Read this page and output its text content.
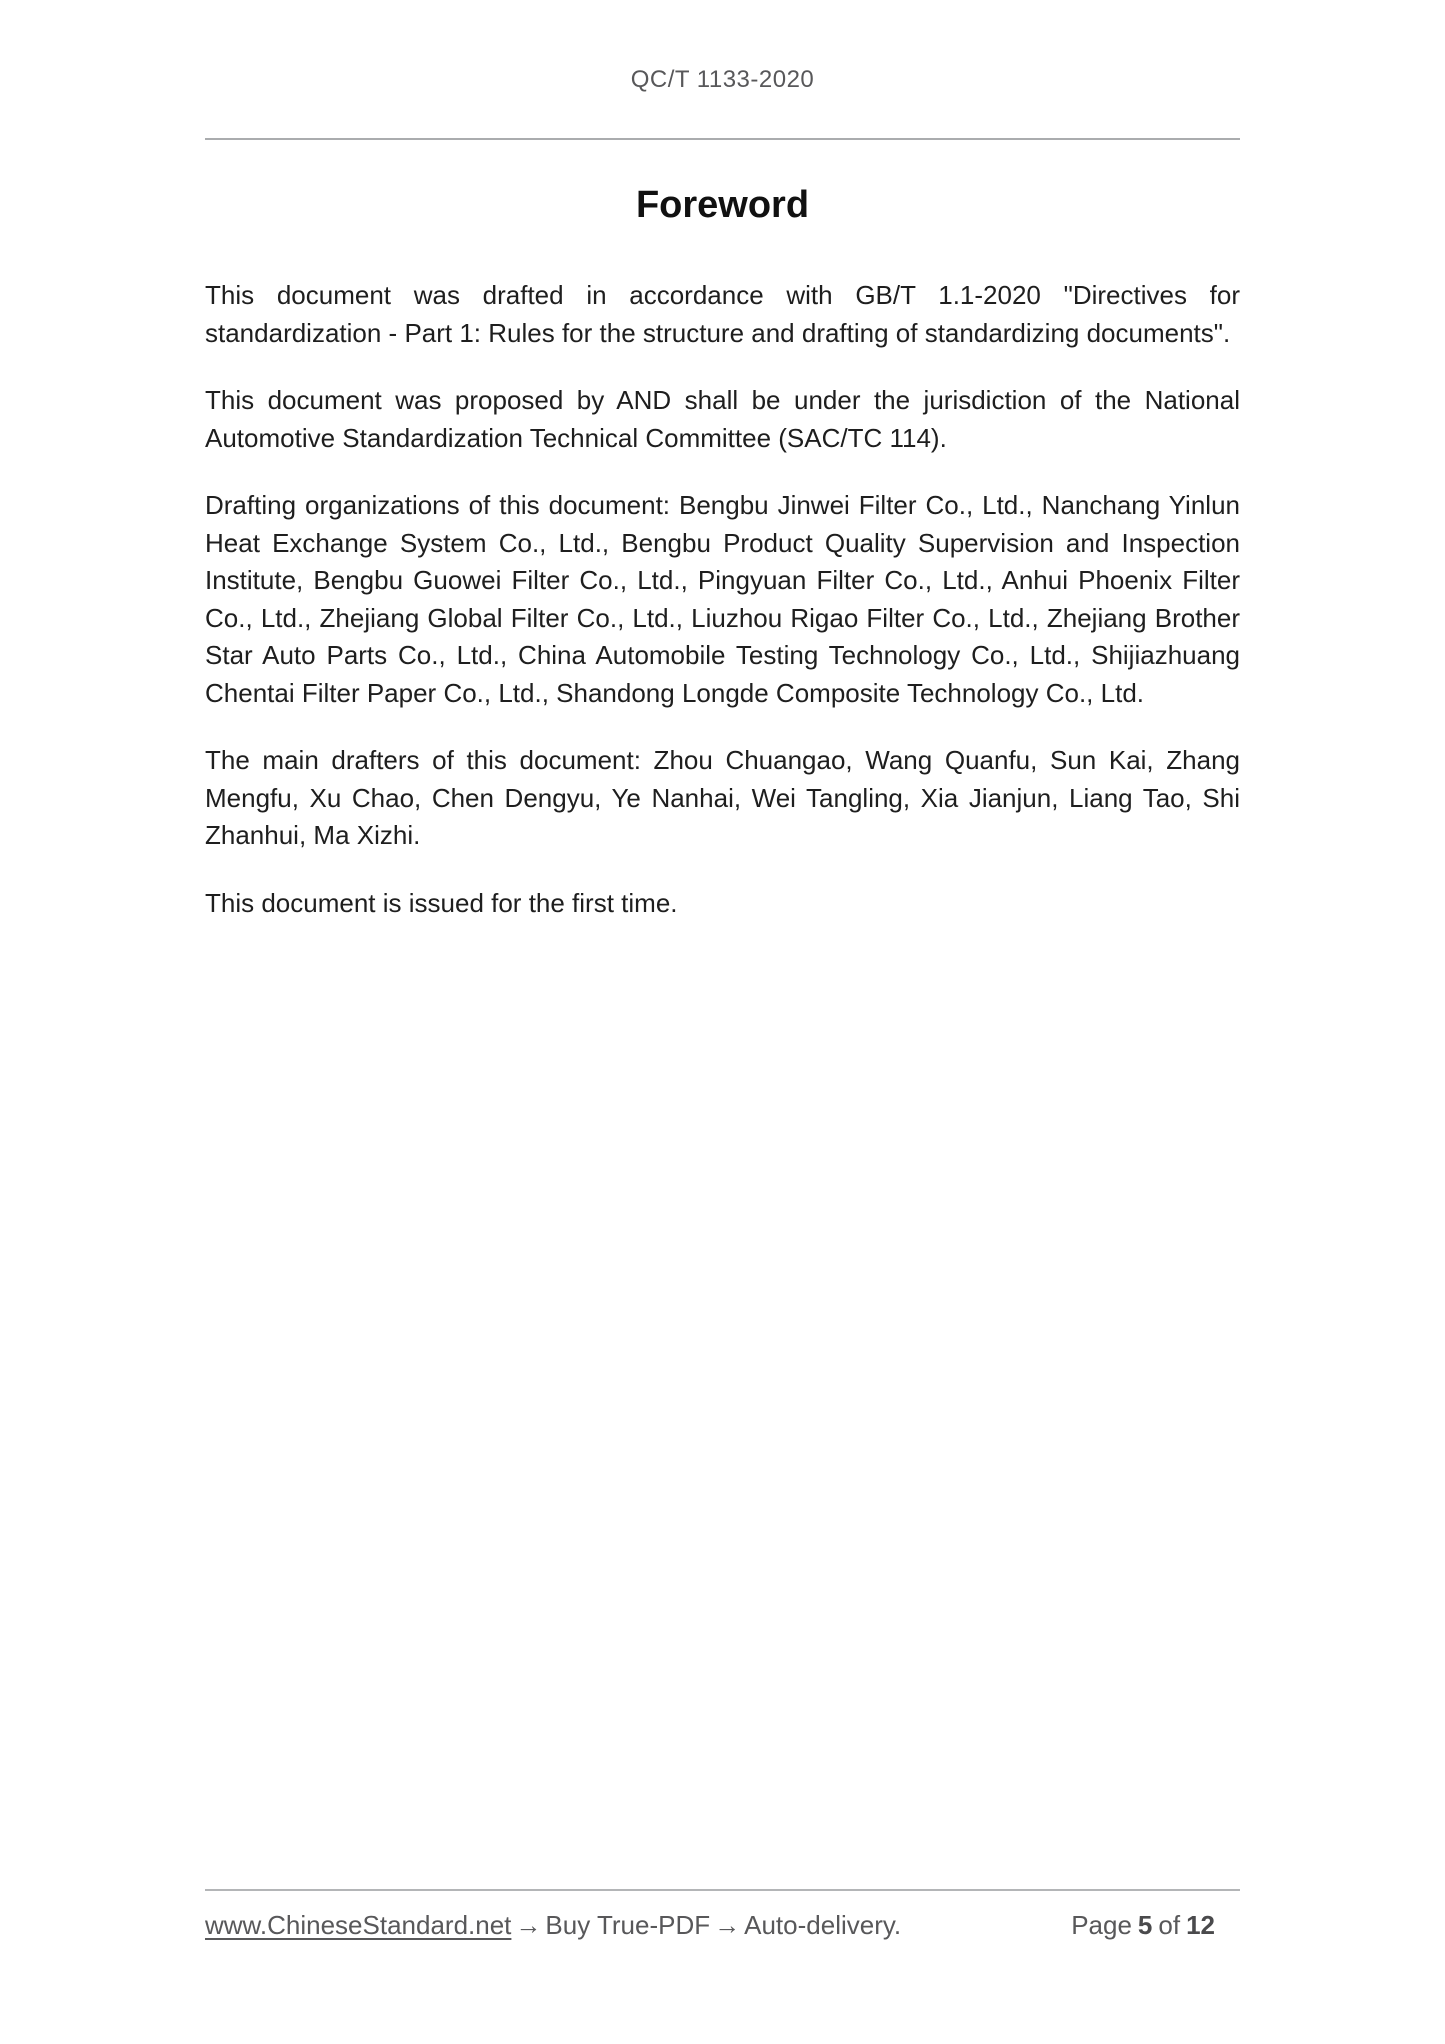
QC/T 1133-2020
Foreword

This document was drafted in accordance with GB/T 1.1-2020 "Directives for standardization - Part 1: Rules for the structure and drafting of standardizing documents".

This document was proposed by AND shall be under the jurisdiction of the National Automotive Standardization Technical Committee (SAC/TC 114).

Drafting organizations of this document: Bengbu Jinwei Filter Co., Ltd., Nanchang Yinlun Heat Exchange System Co., Ltd., Bengbu Product Quality Supervision and Inspection Institute, Bengbu Guowei Filter Co., Ltd., Pingyuan Filter Co., Ltd., Anhui Phoenix Filter Co., Ltd., Zhejiang Global Filter Co., Ltd., Liuzhou Rigao Filter Co., Ltd., Zhejiang Brother Star Auto Parts Co., Ltd., China Automobile Testing Technology Co., Ltd., Shijiazhuang Chentai Filter Paper Co., Ltd., Shandong Longde Composite Technology Co., Ltd.

The main drafters of this document: Zhou Chuangao, Wang Quanfu, Sun Kai, Zhang Mengfu, Xu Chao, Chen Dengyu, Ye Nanhai, Wei Tangling, Xia Jianjun, Liang Tao, Shi Zhanhui, Ma Xizhi.

This document is issued for the first time.

www.ChineseStandard.net → Buy True-PDF → Auto-delivery.	Page 5 of 12
